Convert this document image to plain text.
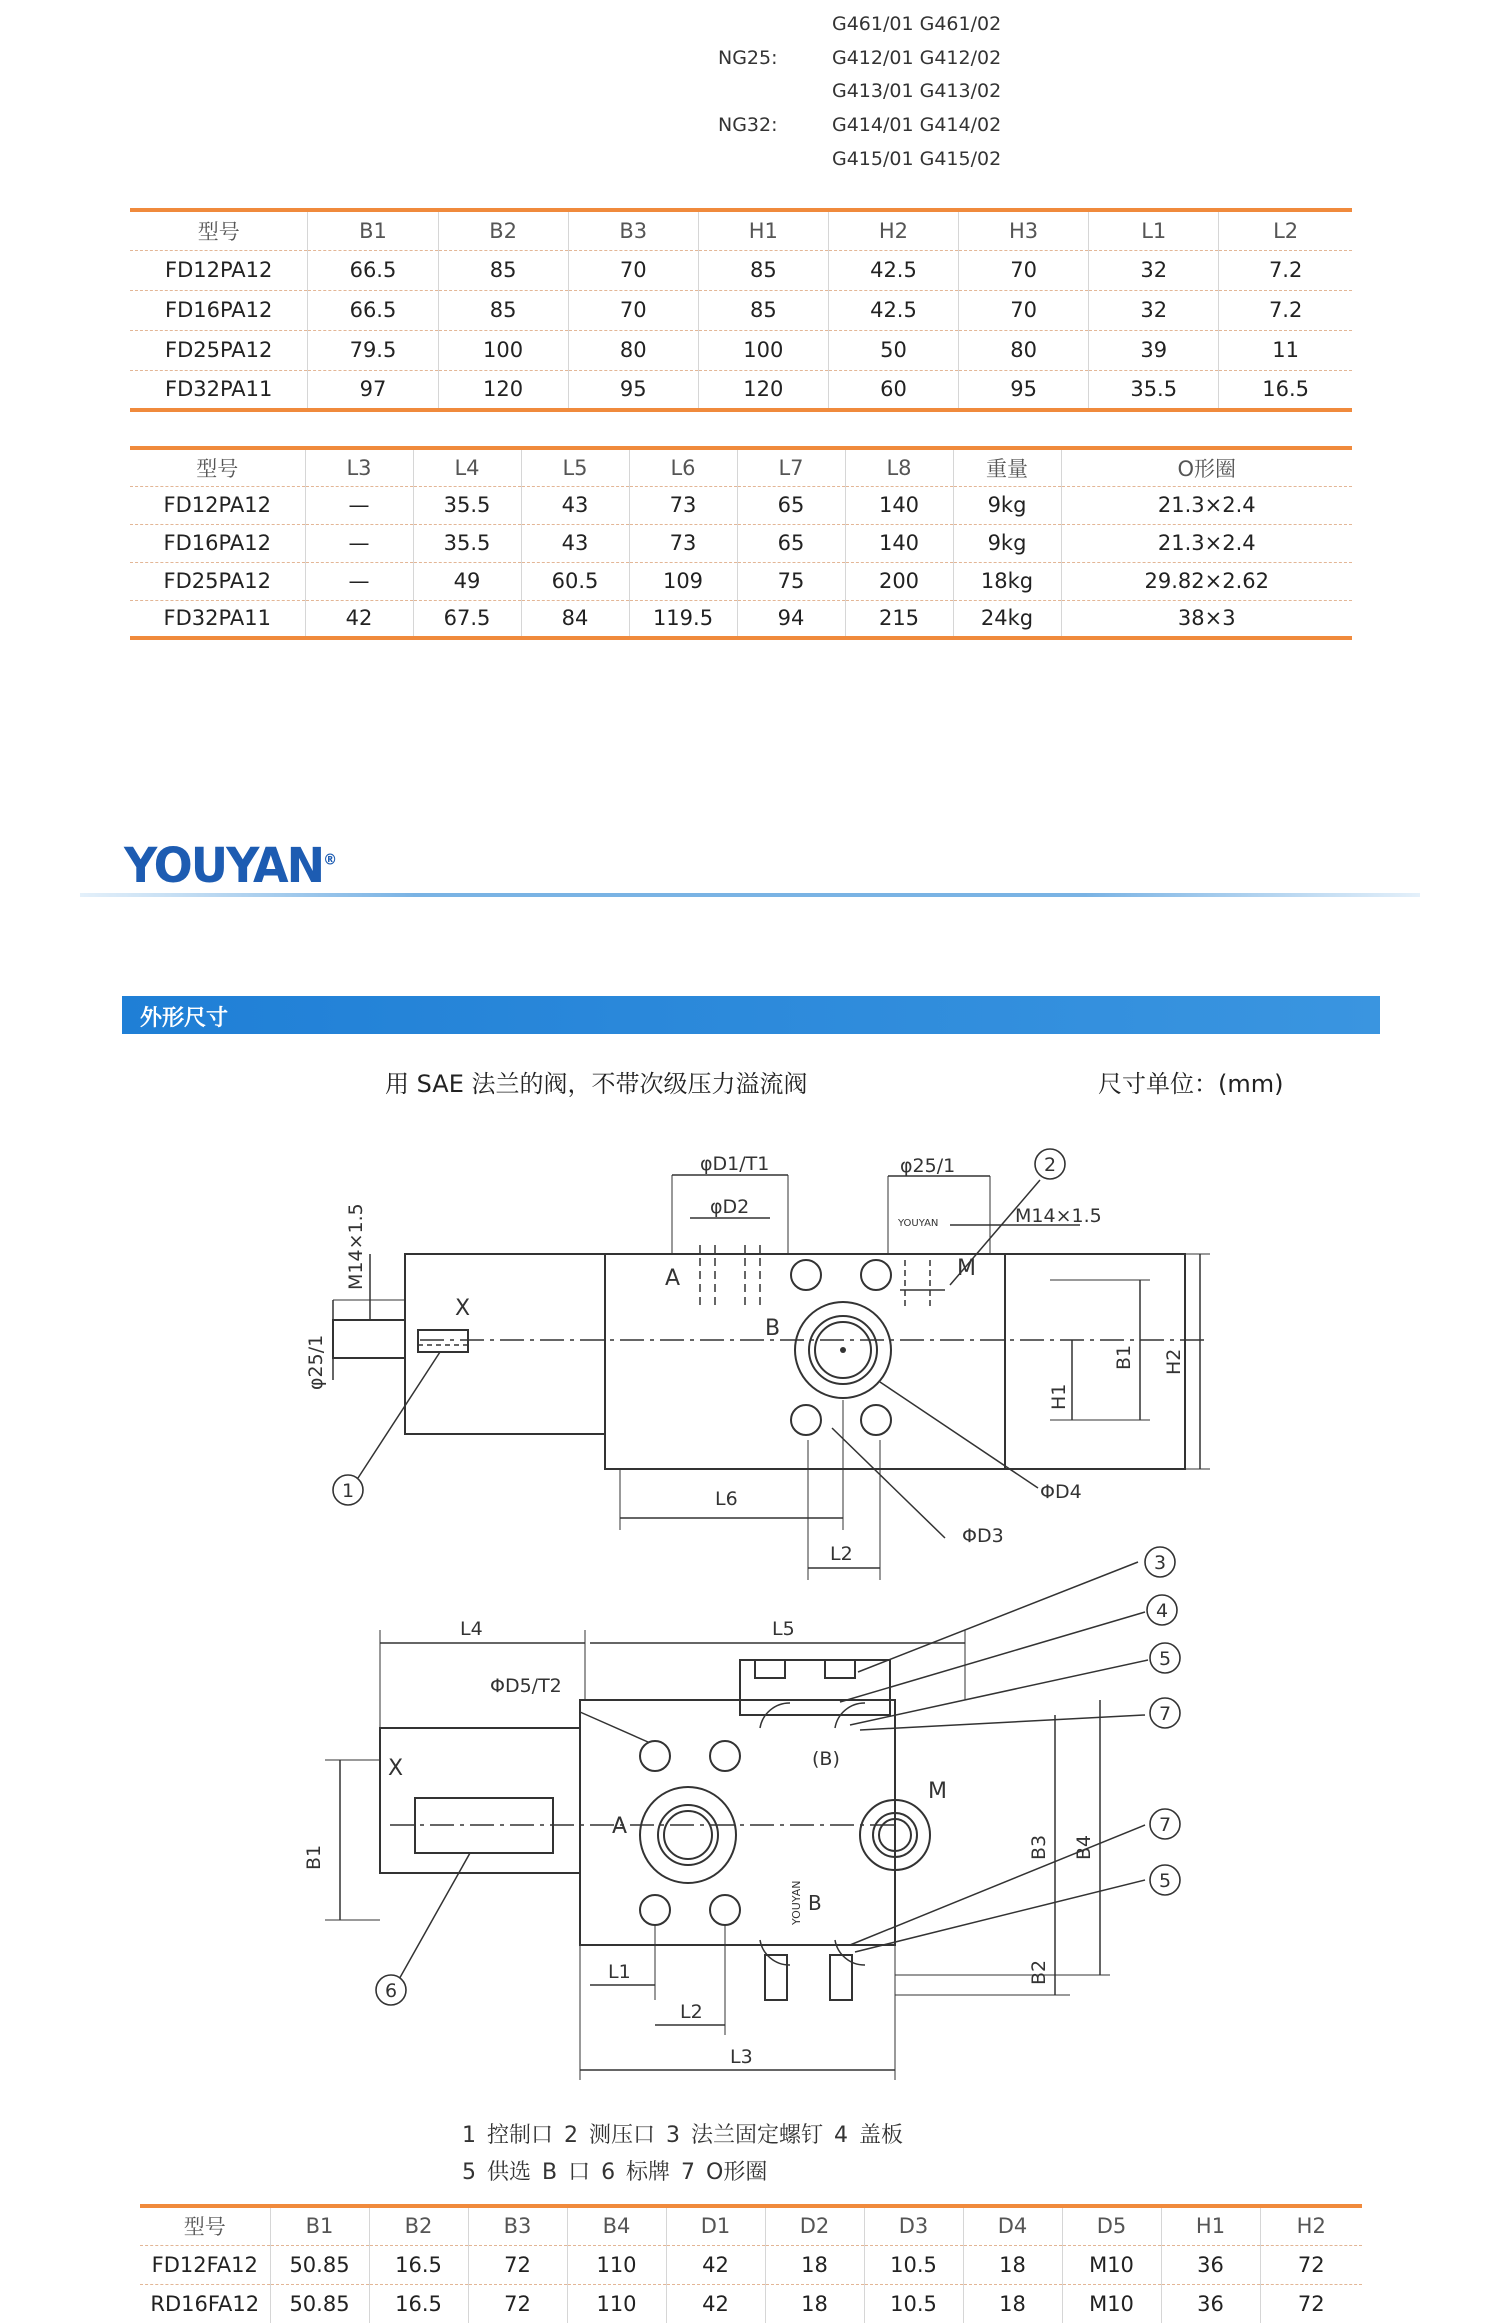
G461/01 G461/02
NG25:	G412/01 G412/02
G413/01 G413/02
NG32:	G414/01 G414/02
G415/01 G415/02
型号	B1	B2	B3	H1	H2	H3	L1	L2
FD12PA12	66.5	85	70	85	42.5	70	32	7.2
FD16PA12	66.5	85	70	85	42.5	70	32	7.2
FD25PA12	79.5	100	80	100	50	80	39	11
FD32PA11	97	120	95	120	60	95	35.5	16.5
型号	L3	L4	L5	L6	L7	L8	重量	O形圈
FD12PA12	—	35.5	43	73	65	140	9kg	21.3×2.4
FD16PA12	—	35.5	43	73	65	140	9kg	21.3×2.4
FD25PA12	—	49	60.5	109	75	200	18kg	29.82×2.62
FD32PA11	42	67.5	84	119.5	94	215	24kg	38×3
YOUYAN®
外形尺寸
用 SAE 法兰的阀，不带次级压力溢流阀	尺寸单位：(mm)
1
2
3
4
5
7
7
5
6
φD1/T1
φD2
φ25/1
M14×1.5
YOUYAN
X
A
B
M
L6
L2
ΦD4
ΦD3
M14×1.5
φ25/1	B1
H1
H2
L4	L5
ΦD5/T2
(B)
X
A
M
B
B1	B3 B4
B2
YOUYAN
L1
L2
L3
1 控制口 2 测压口 3 法兰固定螺钉 4 盖板
5 供选 B 口 6 标牌 7 O形圈
型号	B1	B2	B3	B4	D1	D2	D3	D4	D5	H1	H2
FD12FA12	50.85	16.5	72	110	42	18	10.5	18	M10	36	72
RD16FA12	50.85	16.5	72	110	42	18	10.5	18	M10	36	72
